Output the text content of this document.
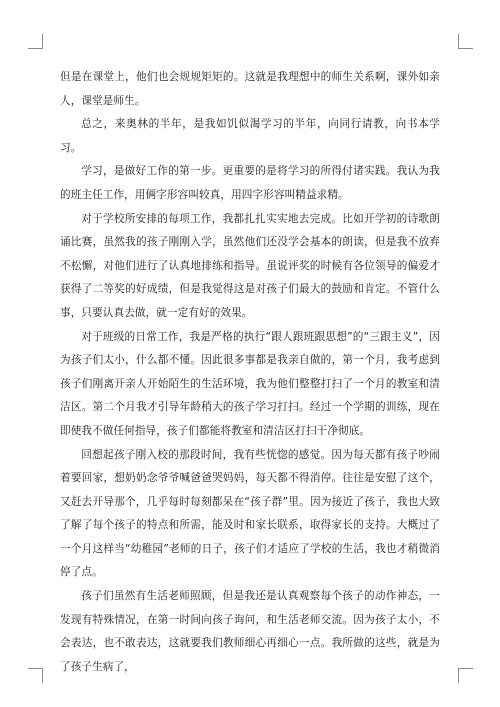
但是在课堂上，他们也会规规矩矩的。这就是我理想中的师生关系啊，课外如亲人，课堂是师生。

总之，来奥林的半年，是我如饥似渴学习的半年，向同行请教，向书本学习。

学习，是做好工作的第一步。更重要的是将学习的所得付诸实践。我认为我的班主任工作，用俩字形容叫较真，用四字形容叫精益求精。

对于学校所安排的每项工作，我都扎扎实实地去完成。比如开学初的诗歌朗诵比赛，虽然我的孩子刚刚入学，虽然他们还没学会基本的朗读，但是我不放弃不松懈，对他们进行了认真地排练和指导。虽说评奖的时候有各位领导的偏爱才获得了二等奖的好成绩，但是我觉得这是对孩子们最大的鼓励和肯定。不管什么事，只要认真去做，就一定有好的效果。

对于班级的日常工作，我是严格的执行“跟人跟班跟思想”的“三跟主义”，因为孩子们太小，什么都不懂。因此很多事都是我亲自做的，第一个月，我考虑到孩子们刚离开亲人开始陌生的生活环境，我为他们整整打扫了一个月的教室和清洁区。第二个月我才引导年龄稍大的孩子学习打扫。经过一个学期的训练，现在即使我不做任何指导，孩子们都能将教室和清洁区打扫干净彻底。

回想起孩子刚入校的那段时间，我有些恍惚的感觉。因为每天都有孩子吵闹着要回家，想奶奶念爷爷喊爸爸哭妈妈，每天都不得消停。往往是安慰了这个，又赶去开导那个，几乎每时每刻都呆在“孩子群”里。因为接近了孩子，我也大致了解了每个孩子的特点和所需，能及时和家长联系，取得家长的支持。大概过了一个月这样当“幼稚园”老师的日子，孩子们才适应了学校的生活，我也才稍微消停了点。

孩子们虽然有生活老师照顾，但是我还是认真观察每个孩子的动作神态，一发现有特殊情况，在第一时间向孩子询问，和生活老师交流。因为孩子太小，不会表达，也不敢表达，这就要我们教师细心再细心一点。我所做的这些，就是为了孩子生病了，
